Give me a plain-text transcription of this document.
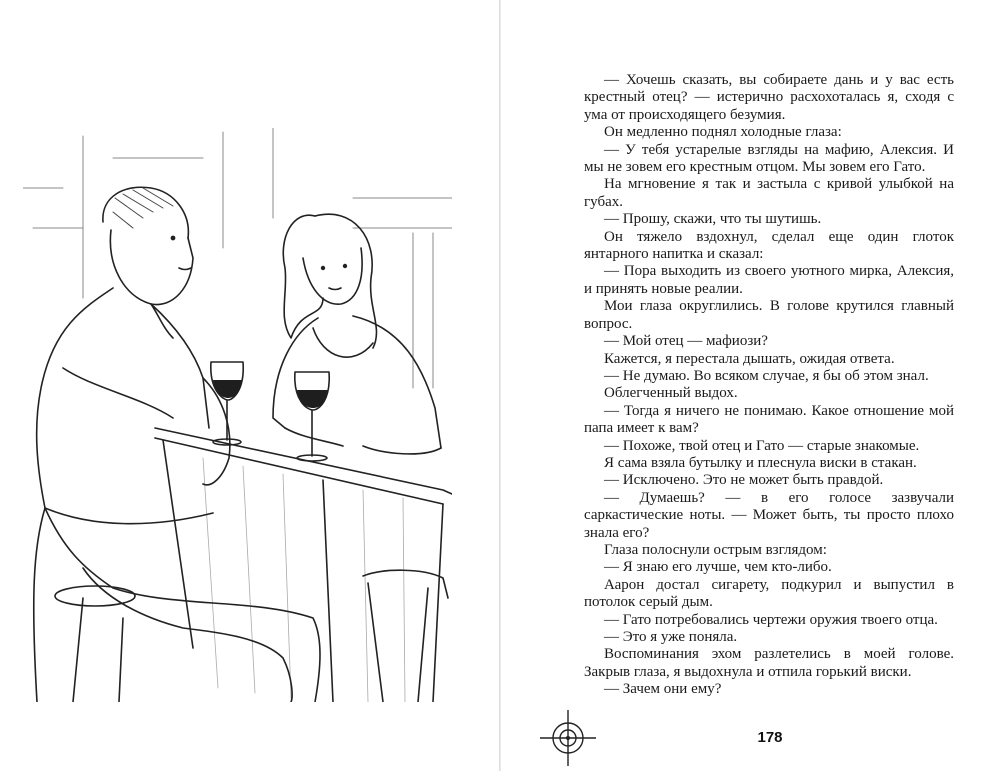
— Хочешь сказать, вы собираете дань и у вас есть крестный отец? — истерично расхохоталась я, сходя с ума от происходящего безумия.

Он медленно поднял холодные глаза:

— У тебя устарелые взгляды на мафию, Алексия. И мы не зовем его крестным отцом. Мы зовем его Гато.

На мгновение я так и застыла с кривой улыбкой на губах.

— Прошу, скажи, что ты шутишь.

Он тяжело вздохнул, сделал еще один глоток янтарного напитка и сказал:

— Пора выходить из своего уютного мирка, Алексия, и принять новые реалии.

Мои глаза округлились. В голове крутился главный вопрос.

— Мой отец — мафиози?

Кажется, я перестала дышать, ожидая ответа.

— Не думаю. Во всяком случае, я бы об этом знал.

Облегченный выдох.

— Тогда я ничего не понимаю. Какое отношение мой папа имеет к вам?

— Похоже, твой отец и Гато — старые знакомые.

Я сама взяла бутылку и плеснула виски в стакан.

— Исключено. Это не может быть правдой.

— Думаешь? — в его голосе зазвучали саркастические ноты. — Может быть, ты просто плохо знала его?

Глаза полоснули острым взглядом:

— Я знаю его лучше, чем кто-либо.

Аарон достал сигарету, подкурил и выпустил в потолок серый дым.

— Гато потребовались чертежи оружия твоего отца.

— Это я уже поняла.

Воспоминания эхом разлетелись в моей голове. Закрыв глаза, я выдохнула и отпила горький виски.

— Зачем они ему?

178
